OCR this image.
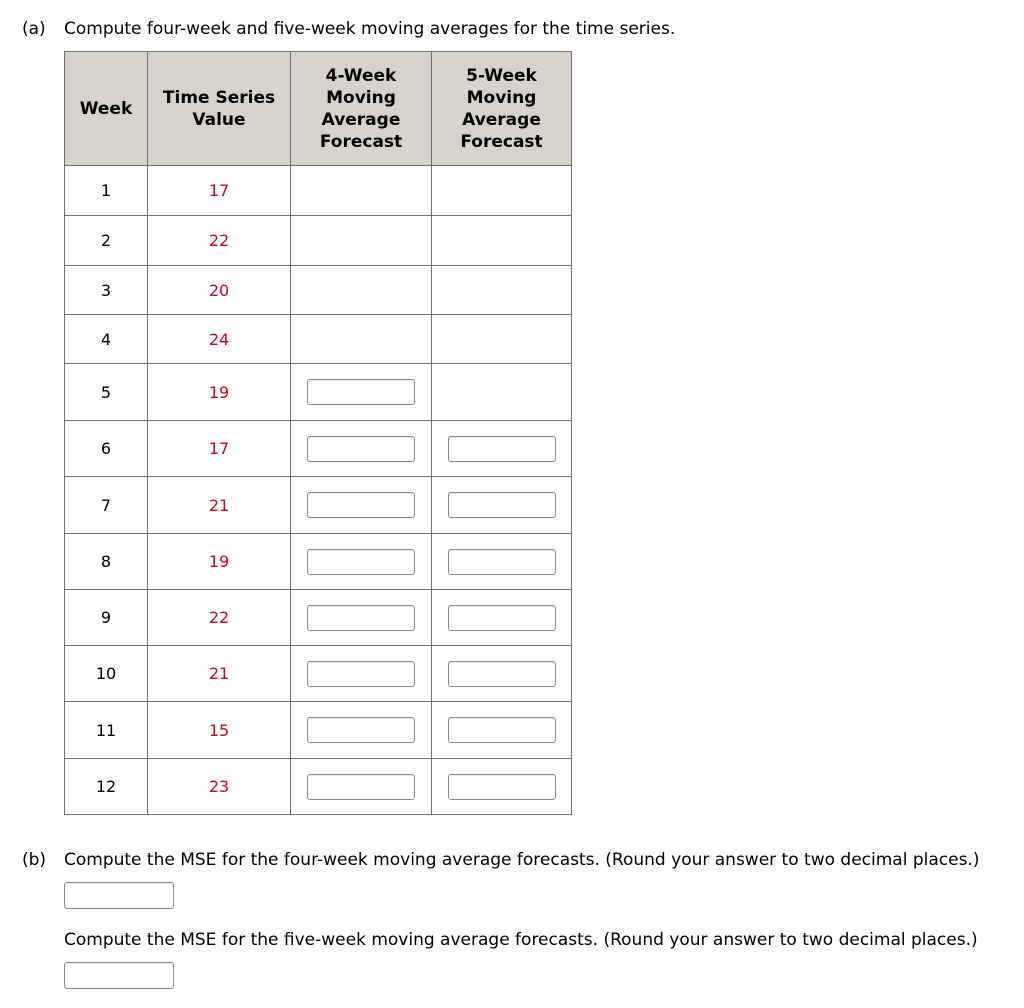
(a) Compute four-week and five-week moving averages for the time series.
Week	Time Series Value	4-Week Moving Average Forecast	5-Week Moving Average Forecast
1	17		
2	22		
3	20		
4	24		
5	19		
6	17		
7	21		
8	19		
9	22		
10	21		
11	15		
12	23		
(b) Compute the MSE for the four-week moving average forecasts. (Round your answer to two decimal places.)
Compute the MSE for the five-week moving average forecasts. (Round your answer to two decimal places.)
